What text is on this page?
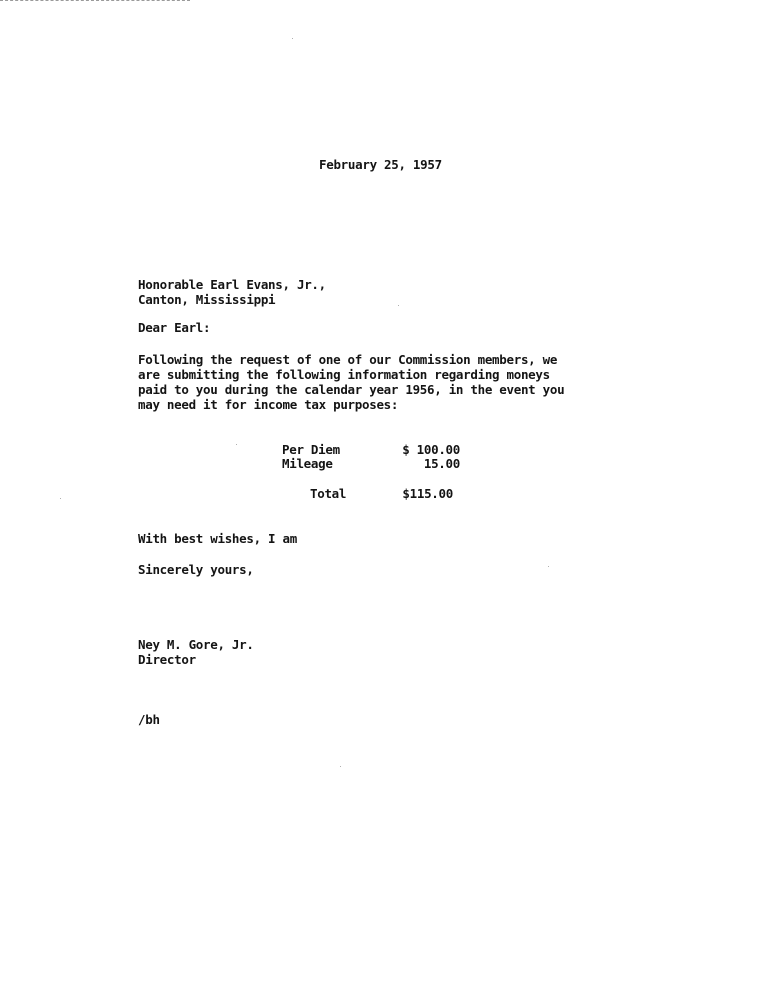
February 25, 1957
Honorable Earl Evans, Jr.,
Canton, Mississippi
Dear Earl:
Following the request of one of our Commission members, we
are submitting the following information regarding moneys
paid to you during the calendar year 1956, in the event you
may need it for income tax purposes:
Per Diem	$ 100.00
Mileage	15.00
Total	$115.00
With best wishes, I am
Sincerely yours,
Ney M. Gore, Jr.
Director
/bh
